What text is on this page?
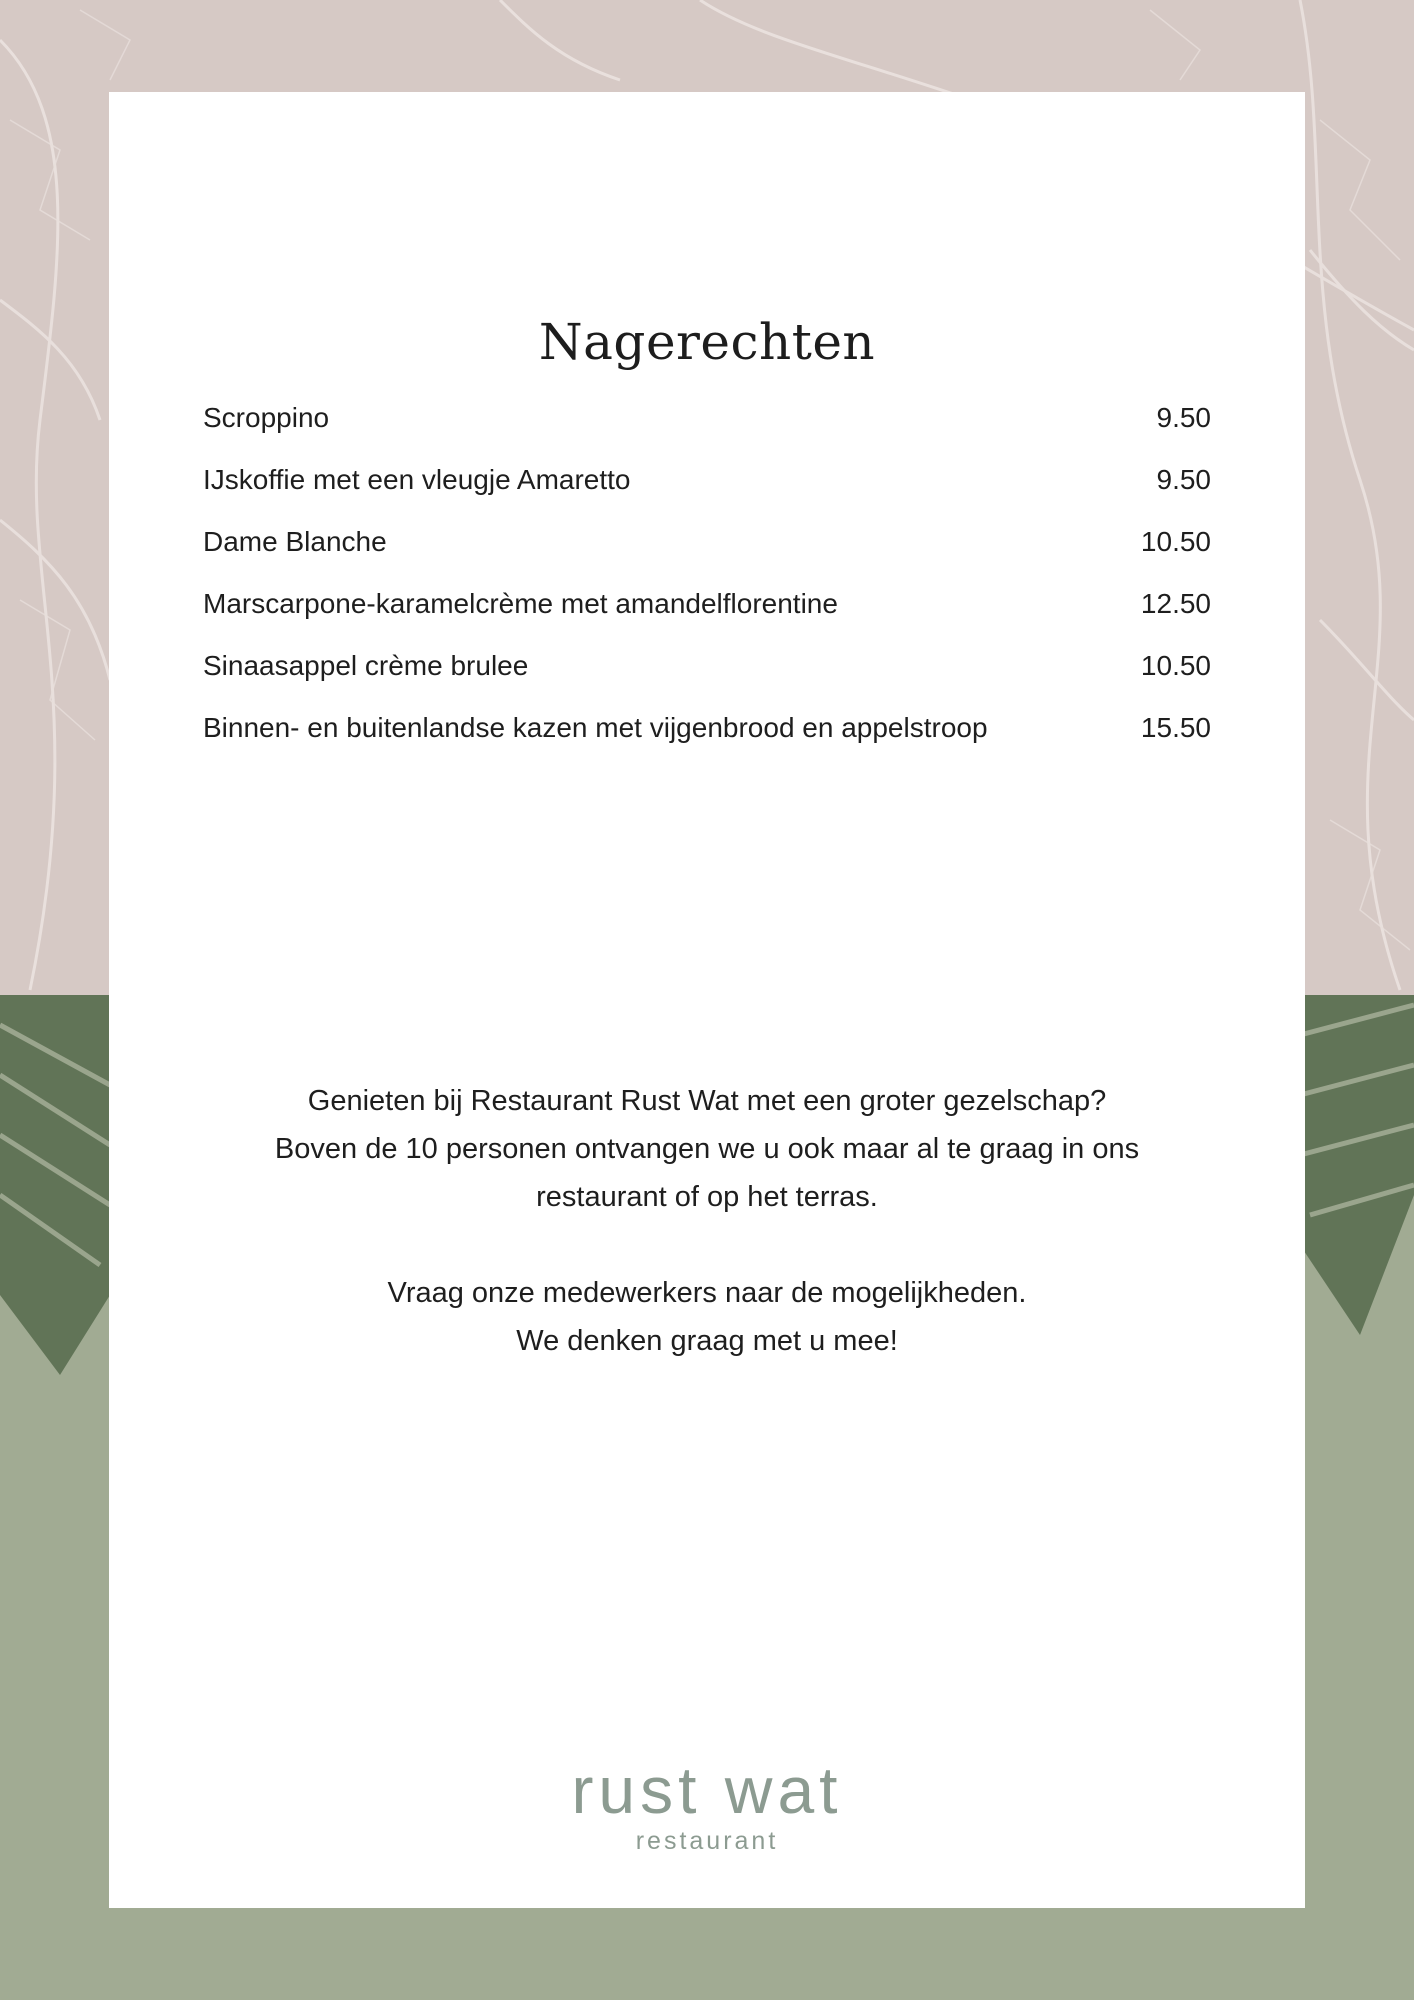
Nagerechten
Scroppino	9.50
IJskoffie met een vleugje Amaretto	9.50
Dame Blanche	10.50
Marscarpone-karamelcrème met amandelflorentine	12.50
Sinaasappel crème brulee	10.50
Binnen- en buitenlandse kazen met vijgenbrood en appelstroop	15.50

Genieten bij Restaurant Rust Wat met een groter gezelschap?

Boven de 10 personen ontvangen we u ook maar al te graag in ons

restaurant of op het terras.

Vraag onze medewerkers naar de mogelijkheden.

We denken graag met u mee!

rust wat
restaurant
